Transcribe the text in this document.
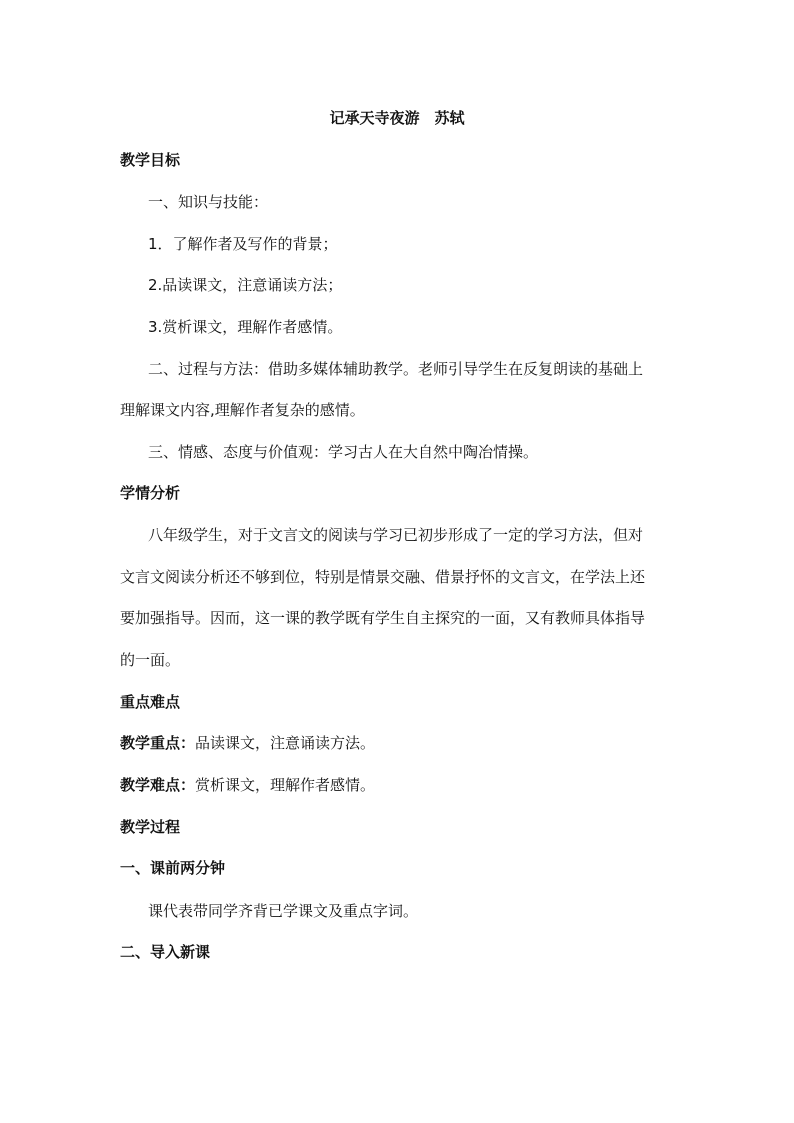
记承天寺夜游　苏轼
教学目标
一、知识与技能：
1．了解作者及写作的背景；
2.品读课文，注意诵读方法；
3.赏析课文，理解作者感情。
二、过程与方法：借助多媒体辅助教学。老师引导学生在反复朗读的基础上
理解课文内容,理解作者复杂的感情。
三、情感、态度与价值观：学习古人在大自然中陶冶情操。
学情分析
八年级学生，对于文言文的阅读与学习已初步形成了一定的学习方法，但对
文言文阅读分析还不够到位，特别是情景交融、借景抒怀的文言文，在学法上还
要加强指导。因而，这一课的教学既有学生自主探究的一面，又有教师具体指导
的一面。
重点难点
教学重点：品读课文，注意诵读方法。
教学难点：赏析课文，理解作者感情。
教学过程
一、课前两分钟
课代表带同学齐背已学课文及重点字词。
二、导入新课
